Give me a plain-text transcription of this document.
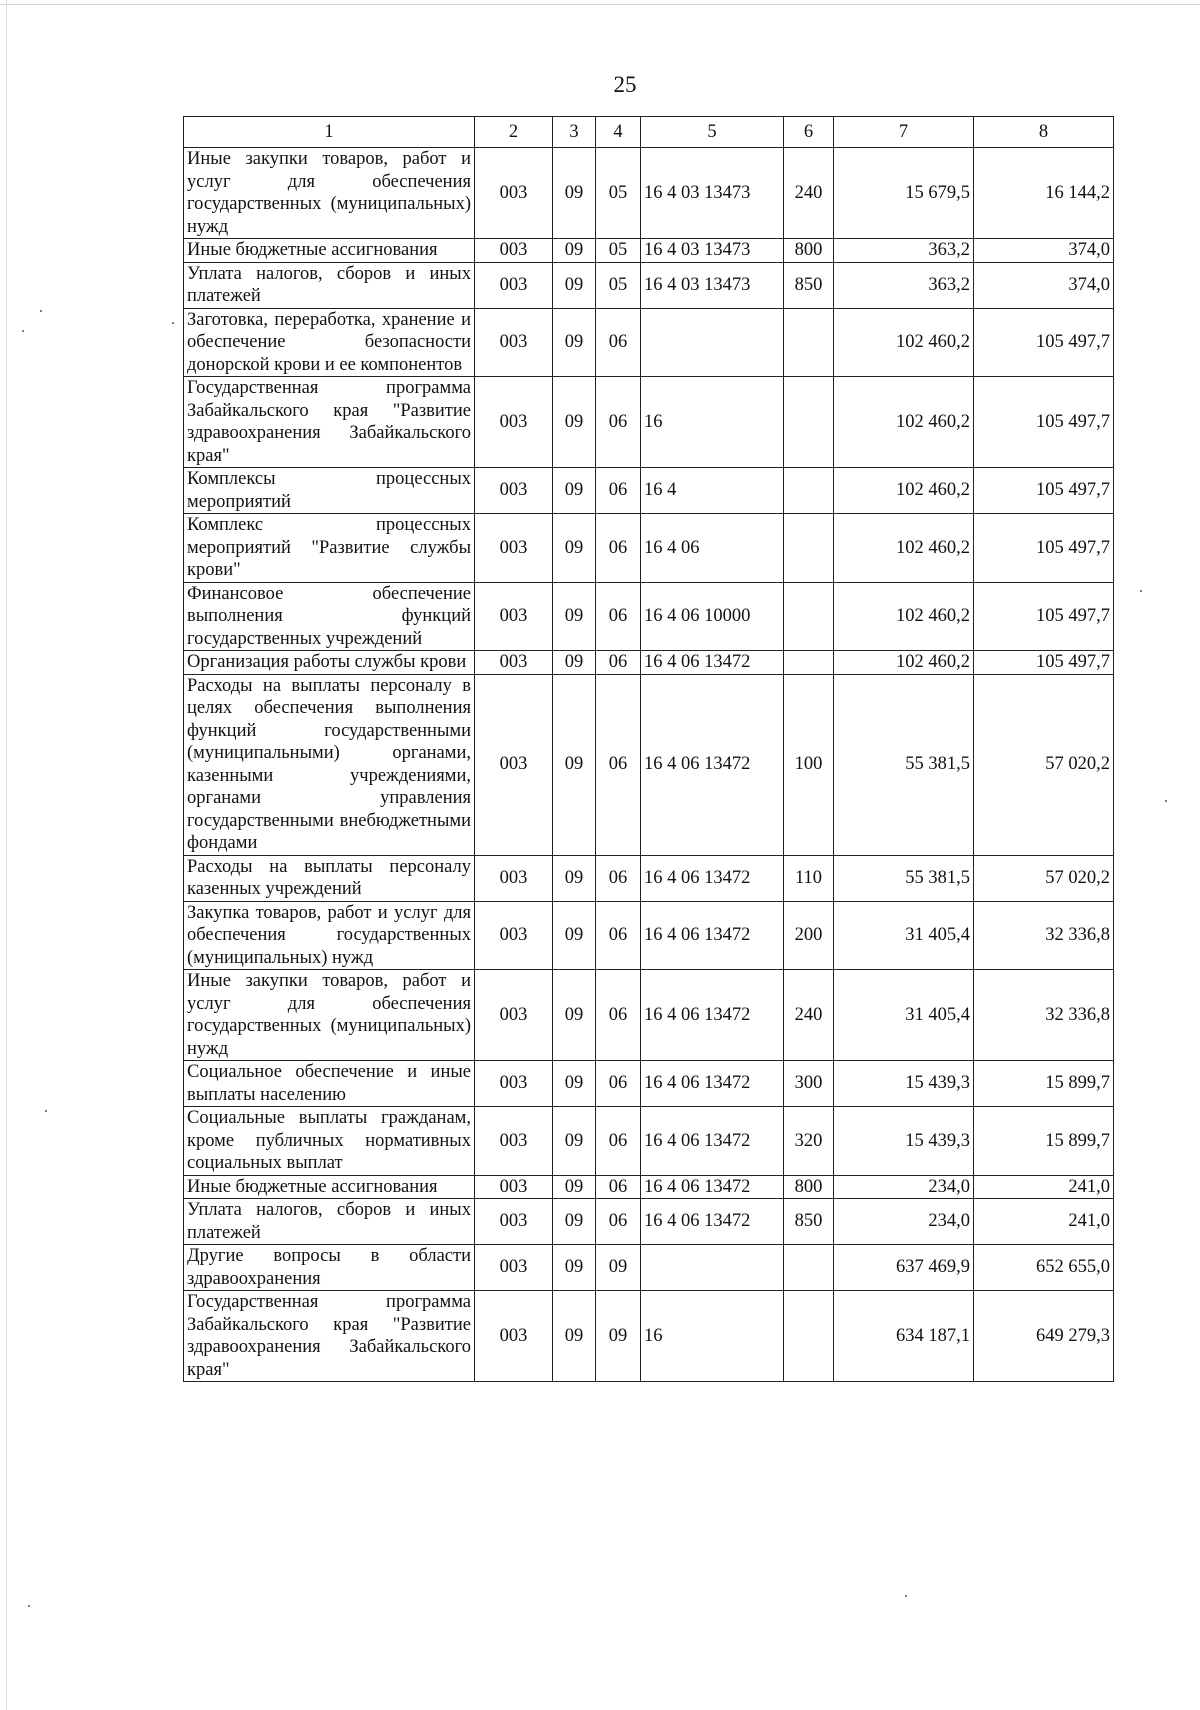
25
1	2	3	4	5	6	7	8
Иные закупки товаров, работ и услуг для обеспечения государственных (муниципальных) нужд	003	09	05	16 4 03 13473	240	15 679,5	16 144,2
Иные бюджетные ассигнования	003	09	05	16 4 03 13473	800	363,2	374,0
Уплата налогов, сборов и иных платежей	003	09	05	16 4 03 13473	850	363,2	374,0
Заготовка, переработка, хранение и обеспечение безопасности донорской крови и ее компонентов	003	09	06			102 460,2	105 497,7
Государственная программа Забайкальского края "Развитие здравоохранения Забайкальского края"	003	09	06	16		102 460,2	105 497,7
Комплексы процессных мероприятий	003	09	06	16 4		102 460,2	105 497,7
Комплекс процессных мероприятий "Развитие службы крови"	003	09	06	16 4 06		102 460,2	105 497,7
Финансовое обеспечение выполнения функций государственных учреждений	003	09	06	16 4 06 10000		102 460,2	105 497,7
Организация работы службы крови	003	09	06	16 4 06 13472		102 460,2	105 497,7
Расходы на выплаты персоналу в целях обеспечения выполнения функций государственными (муниципальными) органами, казенными учреждениями, органами управления государственными внебюджетными фондами	003	09	06	16 4 06 13472	100	55 381,5	57 020,2
Расходы на выплаты персоналу казенных учреждений	003	09	06	16 4 06 13472	110	55 381,5	57 020,2
Закупка товаров, работ и услуг для обеспечения государственных (муниципальных) нужд	003	09	06	16 4 06 13472	200	31 405,4	32 336,8
Иные закупки товаров, работ и услуг для обеспечения государственных (муниципальных) нужд	003	09	06	16 4 06 13472	240	31 405,4	32 336,8
Социальное обеспечение и иные выплаты населению	003	09	06	16 4 06 13472	300	15 439,3	15 899,7
Социальные выплаты гражданам, кроме публичных нормативных социальных выплат	003	09	06	16 4 06 13472	320	15 439,3	15 899,7
Иные бюджетные ассигнования	003	09	06	16 4 06 13472	800	234,0	241,0
Уплата налогов, сборов и иных платежей	003	09	06	16 4 06 13472	850	234,0	241,0
Другие вопросы в области здравоохранения	003	09	09			637 469,9	652 655,0
Государственная программа Забайкальского края "Развитие здравоохранения Забайкальского края"	003	09	09	16		634 187,1	649 279,3
